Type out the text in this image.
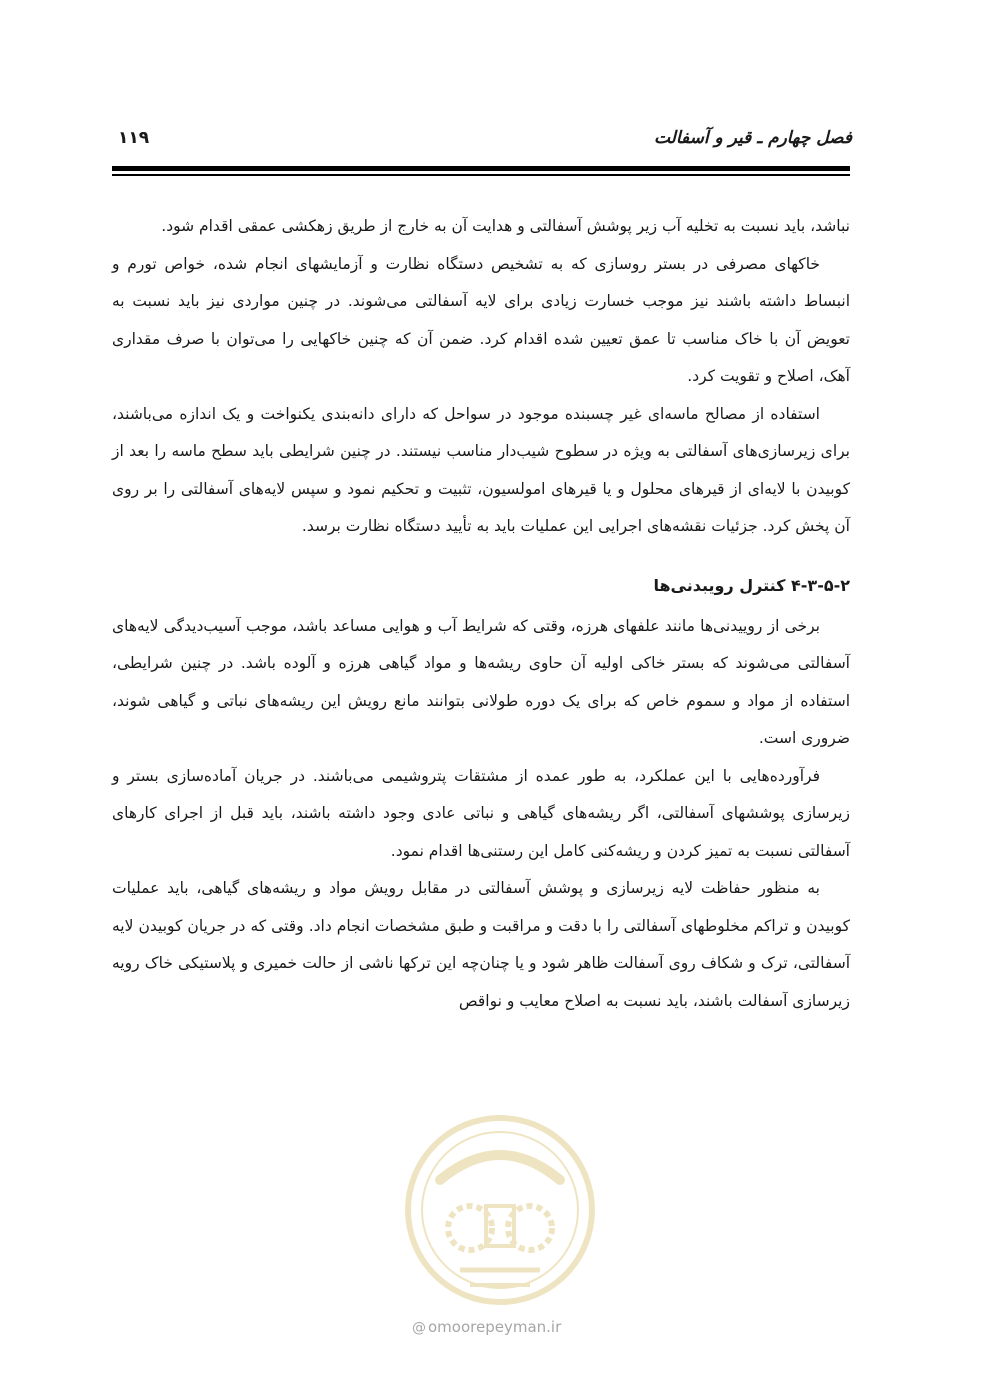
فصل چهارم ـ قیر و آسفالت

۱۱۹

نباشد، باید نسبت به تخلیه آب زیر پوشش آسفالتی و هدایت آن به خارج از طریق زهکشی عمقی اقدام شود.

خاکهای مصرفی در بستر روسازی که به تشخیص دستگاه نظارت و آزمایشهای انجام شده، خواص تورم و انبساط داشته باشند نیز موجب خسارت زیادی برای لایه آسفالتی می‌شوند. در چنین مواردی نیز باید نسبت به تعویض آن با خاک مناسب تا عمق تعیین شده اقدام کرد. ضمن آن که چنین خاکهایی را می‌توان با صرف مقداری آهک، اصلاح و تقویت کرد.

استفاده از مصالح ماسه‌ای غیر چسبنده موجود در سواحل که دارای دانه‌بندی یکنواخت و یک اندازه می‌باشند، برای زیرسازی‌های آسفالتی به ویژه در سطوح شیب‌دار مناسب نیستند. در چنین شرایطی باید سطح ماسه را بعد از کوبیدن با لایه‌ای از قیرهای محلول و یا قیرهای امولسیون، تثبیت و تحکیم نمود و سپس لایه‌های آسفالتی را بر روی آن پخش کرد. جزئیات نقشه‌های اجرایی این عملیات باید به تأیید دستگاه نظارت برسد.

۴-۳-۵-۲ کنترل رویبدنی‌ها

برخی از روییدنی‌ها مانند علفهای هرزه، وقتی که شرایط آب و هوایی مساعد باشد، موجب آسیب‌دیدگی لایه‌های آسفالتی می‌شوند که بستر خاکی اولیه آن حاوی ریشه‌ها و مواد گیاهی هرزه و آلوده باشد. در چنین شرایطی، استفاده از مواد و سموم خاص که برای یک دوره طولانی بتوانند مانع رویش این ریشه‌های نباتی و گیاهی شوند، ضروری است.

فرآورده‌هایی با این عملکرد، به طور عمده از مشتقات پتروشیمی می‌باشند. در جریان آماده‌سازی بستر و زیرسازی پوششهای آسفالتی، اگر ریشه‌های گیاهی و نباتی عادی وجود داشته باشند، باید قبل از اجرای کارهای آسفالتی نسبت به تمیز کردن و ریشه‌کنی کامل این رستنی‌ها اقدام نمود.

به منظور حفاظت لایه زیرسازی و پوشش آسفالتی در مقابل رویش مواد و ریشه‌های گیاهی، باید عملیات کوبیدن و تراکم مخلوطهای آسفالتی را با دقت و مراقبت و طبق مشخصات انجام داد. وقتی که در جریان کوبیدن لایه آسفالتی، ترک و شکاف روی آسفالت ظاهر شود و یا چنان‌چه این ترکها ناشی از حالت خمیری و پلاستیکی خاک رویه زیرسازی آسفالت باشند، باید نسبت به اصلاح معایب و نواقص

@ omoorepeyman.ir
